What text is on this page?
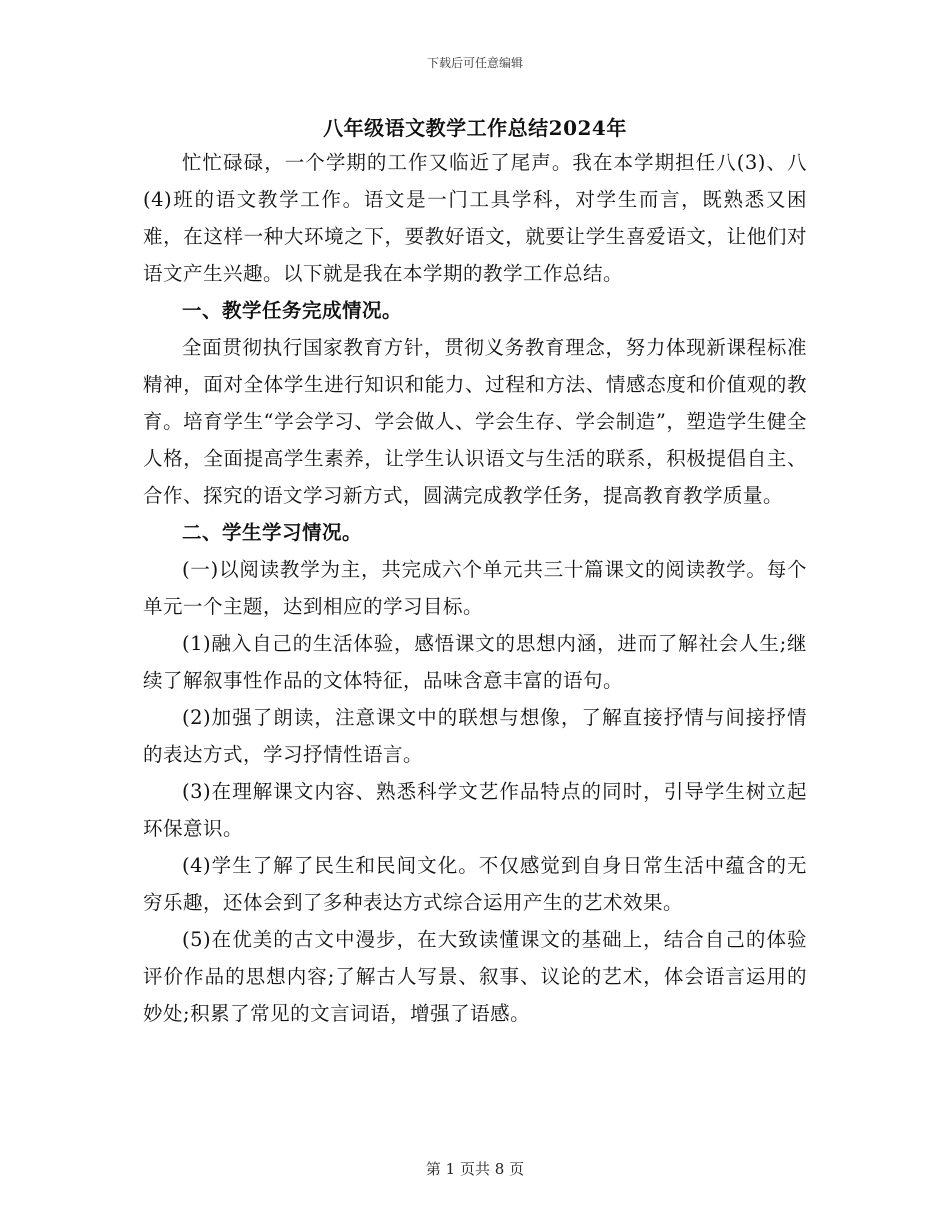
下载后可任意编辑
八年级语文教学工作总结2024年

忙忙碌碌，一个学期的工作又临近了尾声。我在本学期担任八(3)、八(4)班的语文教学工作。语文是一门工具学科，对学生而言，既熟悉又困难，在这样一种大环境之下，要教好语文，就要让学生喜爱语文，让他们对语文产生兴趣。以下就是我在本学期的教学工作总结。

一、教学任务完成情况。

全面贯彻执行国家教育方针，贯彻义务教育理念，努力体现新课程标准精神，面对全体学生进行知识和能力、过程和方法、情感态度和价值观的教育。培育学生“学会学习、学会做人、学会生存、学会制造”，塑造学生健全人格，全面提高学生素养，让学生认识语文与生活的联系，积极提倡自主、合作、探究的语文学习新方式，圆满完成教学任务，提高教育教学质量。

二、学生学习情况。

(一)以阅读教学为主，共完成六个单元共三十篇课文的阅读教学。每个单元一个主题，达到相应的学习目标。

(1)融入自己的生活体验，感悟课文的思想内涵，进而了解社会人生;继续了解叙事性作品的文体特征，品味含意丰富的语句。

(2)加强了朗读，注意课文中的联想与想像，了解直接抒情与间接抒情的表达方式，学习抒情性语言。

(3)在理解课文内容、熟悉科学文艺作品特点的同时，引导学生树立起环保意识。

(4)学生了解了民生和民间文化。不仅感觉到自身日常生活中蕴含的无穷乐趣，还体会到了多种表达方式综合运用产生的艺术效果。

(5)在优美的古文中漫步，在大致读懂课文的基础上，结合自己的体验评价作品的思想内容;了解古人写景、叙事、议论的艺术，体会语言运用的妙处;积累了常见的文言词语，增强了语感。

第 1 页共 8 页
